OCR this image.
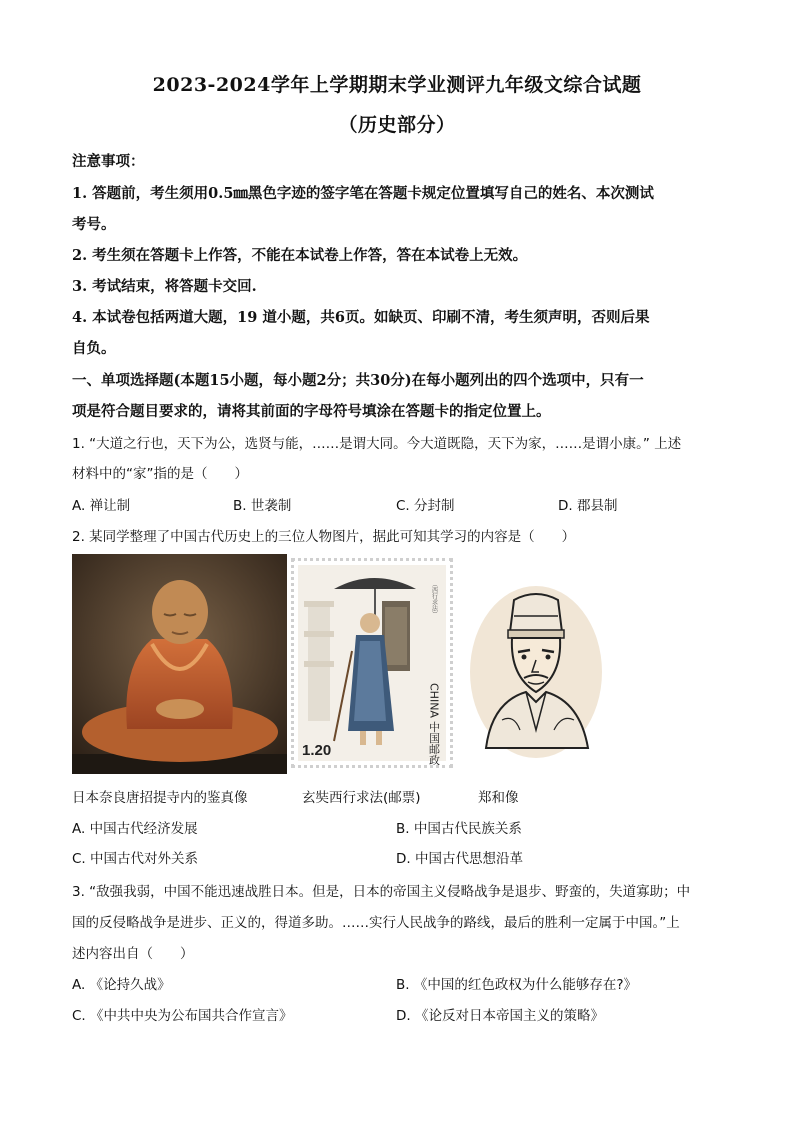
2023-2024学年上学期期末学业测评九年级文综合试题
（历史部分）
注意事项：
1. 答题前，考生须用0.5㎜黑色字迹的签字笔在答题卡规定位置填写自己的姓名、本次测试
考号。
2. 考生须在答题卡上作答，不能在本试卷上作答，答在本试卷上无效。
3. 考试结束，将答题卡交回.
4. 本试卷包括两道大题，19 道小题，共6页。如缺页、印刷不清，考生须声明，否则后果
自负。
一、单项选择题(本题15小题，每小题2分；共30分)在每小题列出的四个选项中，只有一
项是符合题目要求的，请将其前面的字母符号填涂在答题卡的指定位置上。
1. “大道之行也，天下为公，选贤与能，……是谓大同。今大道既隐，天下为家，……是谓小康。” 上述
材料中的“家”指的是（　　）
A. 禅让制	B. 世袭制	C. 分封制	D. 郡县制
2. 某同学整理了中国古代历史上的三位人物图片，据此可知其学习的内容是（　　）
1.20	CHINA 中国邮政
（西行求法）
日本奈良唐招提寺内的鉴真像	玄奘西行求法(邮票)	郑和像
A. 中国古代经济发展	B. 中国古代民族关系
C. 中国古代对外关系	D. 中国古代思想沿革
3. “敌强我弱，中国不能迅速战胜日本。但是，日本的帝国主义侵略战争是退步、野蛮的，失道寡助；中
国的反侵略战争是进步、正义的，得道多助。……实行人民战争的路线，最后的胜利一定属于中国。”上
述内容出自（　　）
A. 《论持久战》	B. 《中国的红色政权为什么能够存在?》
C. 《中共中央为公布国共合作宣言》	D. 《论反对日本帝国主义的策略》
